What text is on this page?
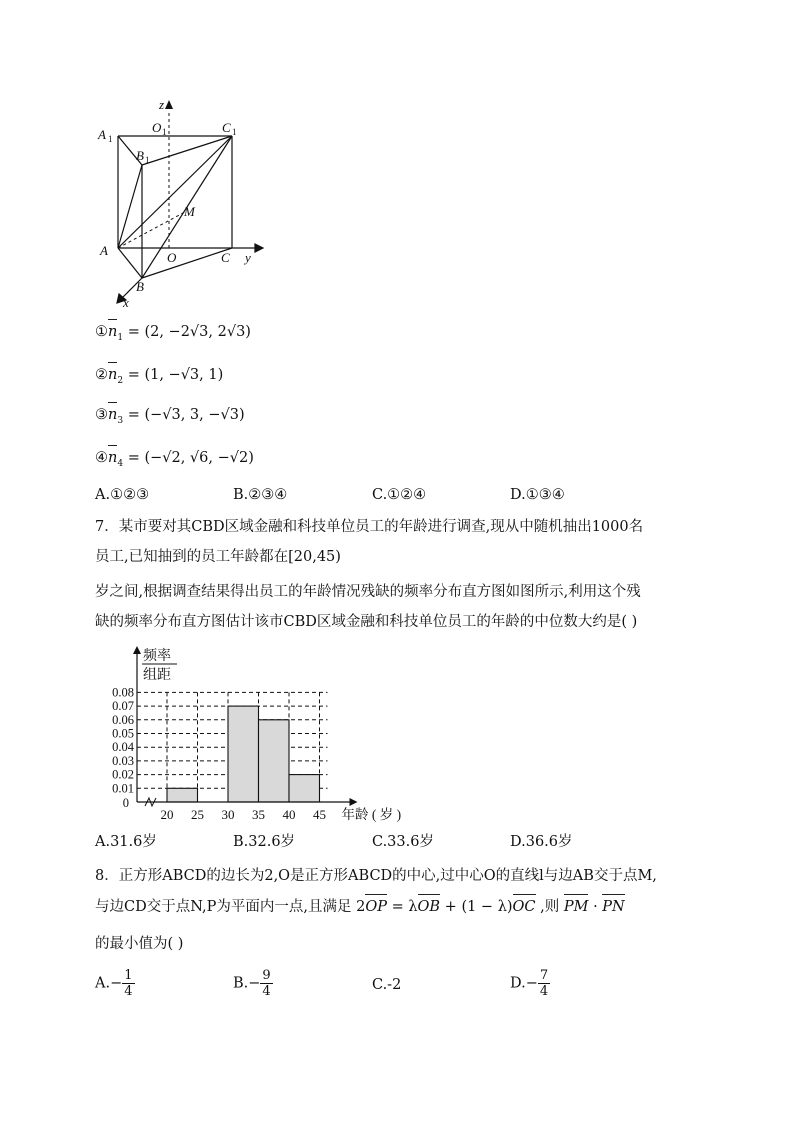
z
A 1
O 1	C 1
B 1
M
A	O	C y
B
x
$①n_1 = (2$, −2√3, 2√3)
$②n_2 = (1$, −√3, 1)
$③n_3 = (-√3$, 3, −√3)
$④n_4 = (-√2$, √6, −√2)
A.①②③	B.②③④	C.①②④	D.①③④
7．某市要对其CBD区域金融和科技单位员工的年龄进行调查,现从中随机抽出1000名
员工,已知抽到的员工年龄都在[20,45)
岁之间,根据调查结果得出员工的年龄情况残缺的频率分布直方图如图所示,利用这个残
缺的频率分布直方图估计该市CBD区域金融和科技单位员工的年龄的中位数大约是( )
0.08
0.07
0.06
0.05
0.04
0.03
0.02
0.01
0
20 25 30 35 40 45
频率
组距
年龄 ( 岁 )
A.31.6岁	B.32.6岁	C.33.6岁	D.36.6岁
8．正方形ABCD的边长为2,O是正方形ABCD的中心,过中心O的直线l与边AB交于点M,
与边CD交于点N,P为平面内一点,且满足 2OP = λOB + (1 − λ)OC ,则 PM · PN
的最小值为( )
$A.- \frac{1}{4}$	$B.- \frac{9}{4}$	C.-2	$D.- \frac{7}{4}$
